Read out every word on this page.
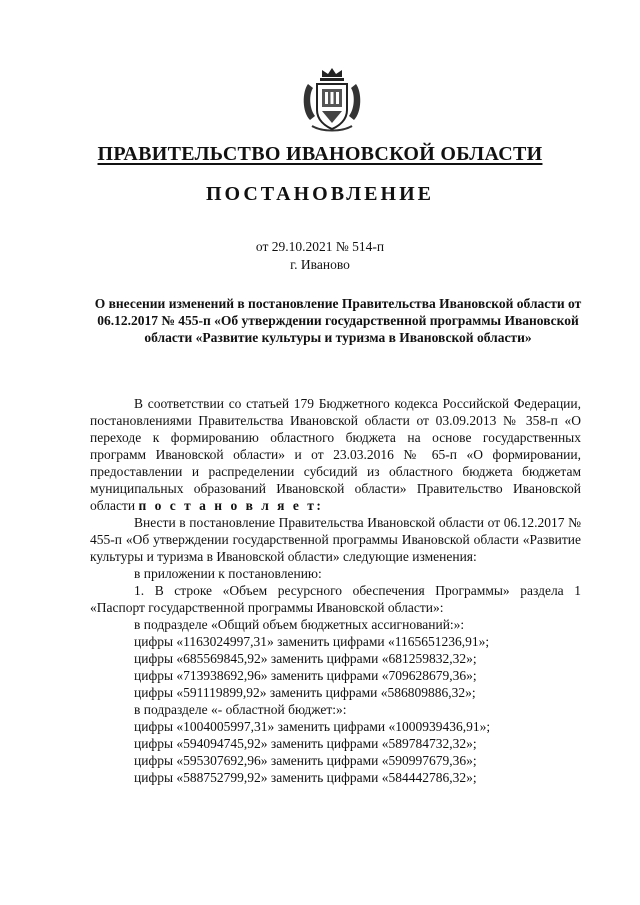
ПРАВИТЕЛЬСТВО ИВАНОВСКОЙ ОБЛАСТИ
ПОСТАНОВЛЕНИЕ
от 29.10.2021 № 514-п
г. Иваново
О внесении изменений в постановление Правительства Ивановской области от 06.12.2017 № 455-п «Об утверждении государственной программы Ивановской области «Развитие культуры и туризма в Ивановской области»

В соответствии со статьей 179 Бюджетного кодекса Российской Федерации, постановлениями Правительства Ивановской области от 03.09.2013 № 358-п «О переходе к формированию областного бюджета на основе государственных программ Ивановской области» и от 23.03.2016 № 65-п «О формировании, предоставлении и распределении субсидий из областного бюджета бюджетам муниципальных образований Ивановской области» Правительство Ивановской области п о с т а н о в л я е т:

Внести в постановление Правительства Ивановской области от 06.12.2017 № 455-п «Об утверждении государственной программы Ивановской области «Развитие культуры и туризма в Ивановской области» следующие изменения:

в приложении к постановлению:

1. В строке «Объем ресурсного обеспечения Программы» раздела 1 «Паспорт государственной программы Ивановской области»:

в подразделе «Общий объем бюджетных ассигнований:»:

цифры «1163024997,31» заменить цифрами «1165651236,91»;

цифры «685569845,92» заменить цифрами «681259832,32»;

цифры «713938692,96» заменить цифрами «709628679,36»;

цифры «591119899,92» заменить цифрами «586809886,32»;

в подразделе «- областной бюджет:»:

цифры «1004005997,31» заменить цифрами «1000939436,91»;

цифры «594094745,92» заменить цифрами «589784732,32»;

цифры «595307692,96» заменить цифрами «590997679,36»;

цифры «588752799,92» заменить цифрами «584442786,32»;
